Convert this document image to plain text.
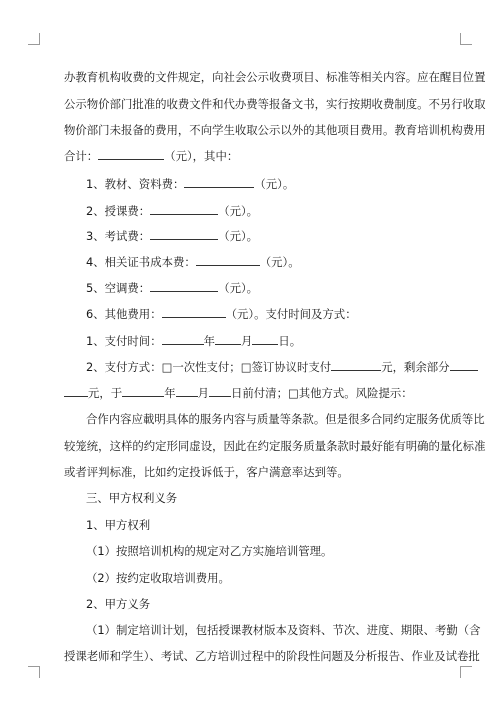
办教育机构收费的文件规定，向社会公示收费项目、标准等相关内容。应在醒目位置
公示物价部门批准的收费文件和代办费等报备文书，实行按期收费制度。不另行收取
物价部门未报备的费用，不向学生收取公示以外的其他项目费用。教育培训机构费用
合计：	（元），其中：
1、教材、资料费：	（元）。
2、授课费：	（元）。
3、考试费：	（元）。
4、相关证书成本费：	（元）。
5、空调费：	（元）。
6、其他费用：	（元）。支付时间及方式：
1、支付时间：	年 月 日。
2、支付方式：□一次性支付；□签订协议时支付	元，剩余部分
元，于	年 月 日前付清；□其他方式。风险提示：
合作内容应載明具体的服务内容与质量等条款。但是很多合同约定服务优质等比
较笼统，这样的约定形同虚设，因此在约定服务质量条款时最好能有明确的量化标准
或者评判标准，比如约定投诉低于，客户满意率达到等。
三、甲方权利义务
1、甲方权利
（1）按照培训机构的规定对乙方实施培训管理。
（2）按约定收取培训费用。
2、甲方义务
（1）制定培训计划，包括授课教材版本及资料、节次、进度、期限、考勤（含
授课老师和学生）、考试、乙方培训过程中的阶段性问题及分析报告、作业及试卷批
